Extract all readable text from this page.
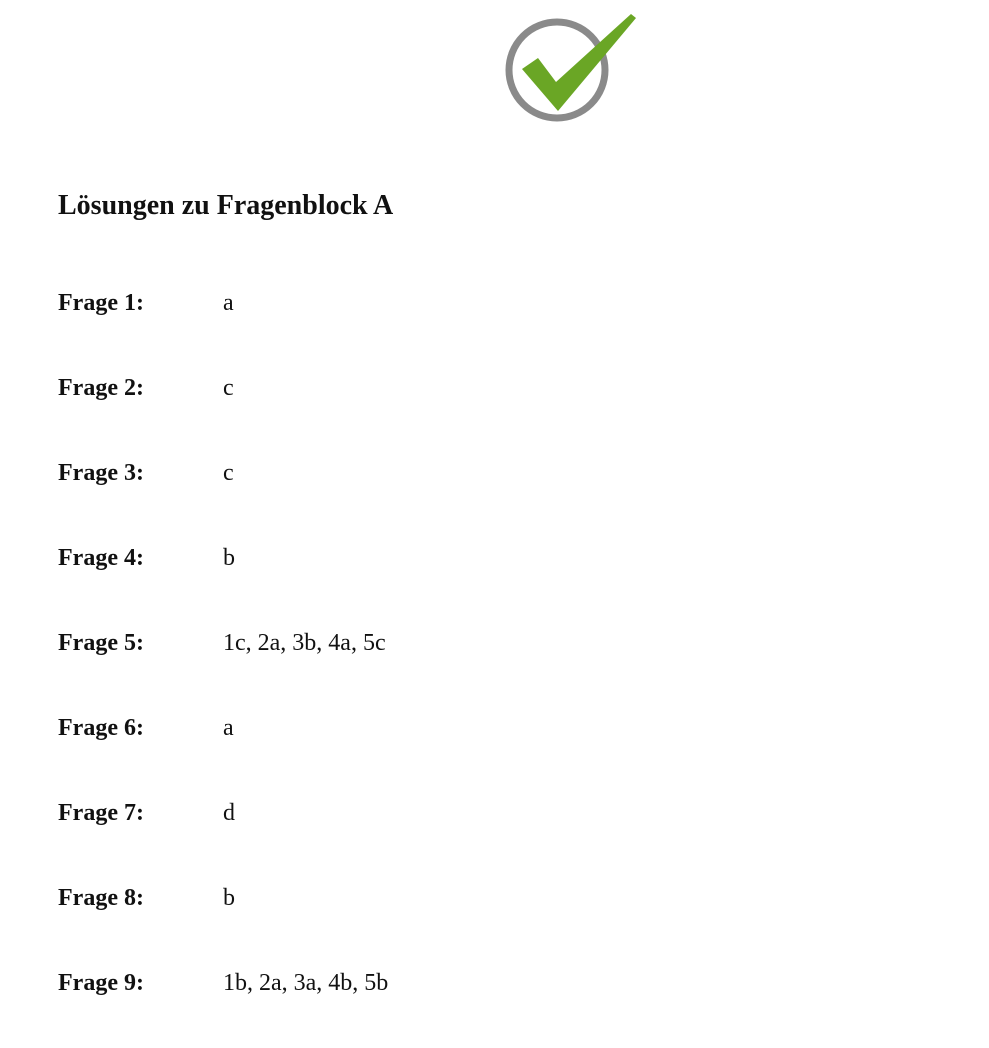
Lösungen zu Fragenblock A
Frage 1:	a
Frage 2:	c
Frage 3:	c
Frage 4:	b
Frage 5:	1c, 2a, 3b, 4a, 5c
Frage 6:	a
Frage 7:	d
Frage 8:	b
Frage 9:	1b, 2a, 3a, 4b, 5b
